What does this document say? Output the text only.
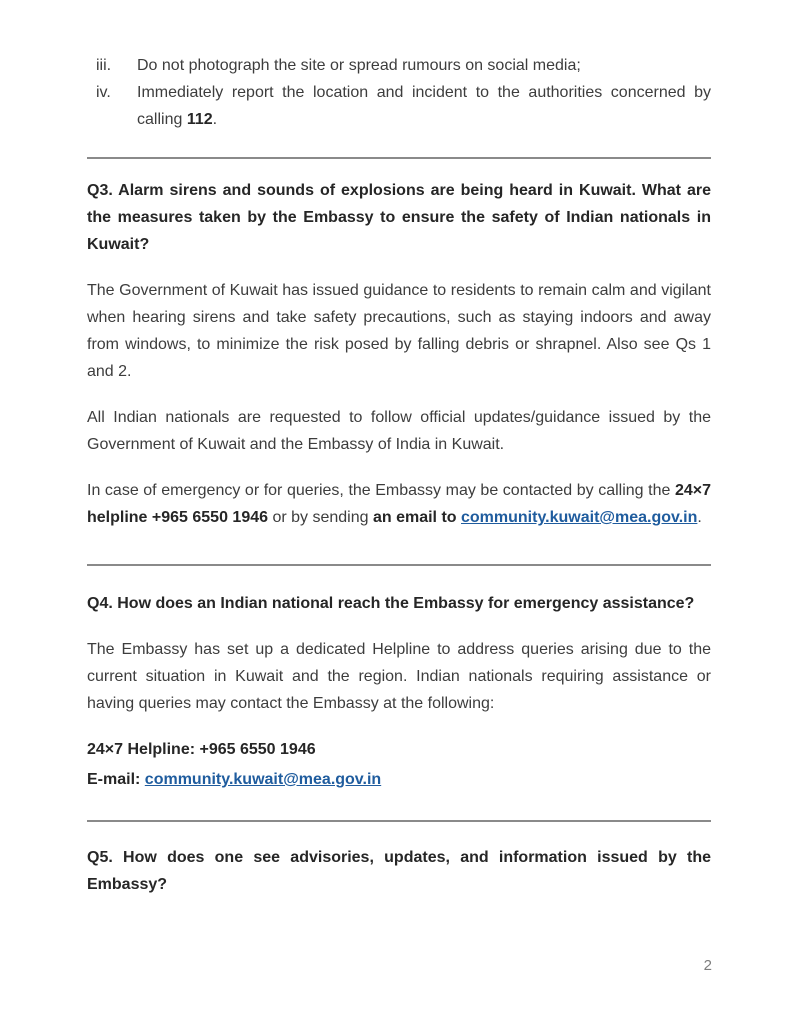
iii.	Do not photograph the site or spread rumours on social media;
iv.	Immediately report the location and incident to the authorities concerned by calling 112.
Q3. Alarm sirens and sounds of explosions are being heard in Kuwait. What are the measures taken by the Embassy to ensure the safety of Indian nationals in Kuwait?

The Government of Kuwait has issued guidance to residents to remain calm and vigilant when hearing sirens and take safety precautions, such as staying indoors and away from windows, to minimize the risk posed by falling debris or shrapnel. Also see Qs 1 and 2.

All Indian nationals are requested to follow official updates/guidance issued by the Government of Kuwait and the Embassy of India in Kuwait.

In case of emergency or for queries, the Embassy may be contacted by calling the 24×7 helpline +965 6550 1946 or by sending an email to community.kuwait@mea.gov.in.

Q4. How does an Indian national reach the Embassy for emergency assistance?

The Embassy has set up a dedicated Helpline to address queries arising due to the current situation in Kuwait and the region. Indian nationals requiring assistance or having queries may contact the Embassy at the following:

24×7 Helpline: +965 6550 1946

E-mail: community.kuwait@mea.gov.in

Q5. How does one see advisories, updates, and information issued by the Embassy?
2
